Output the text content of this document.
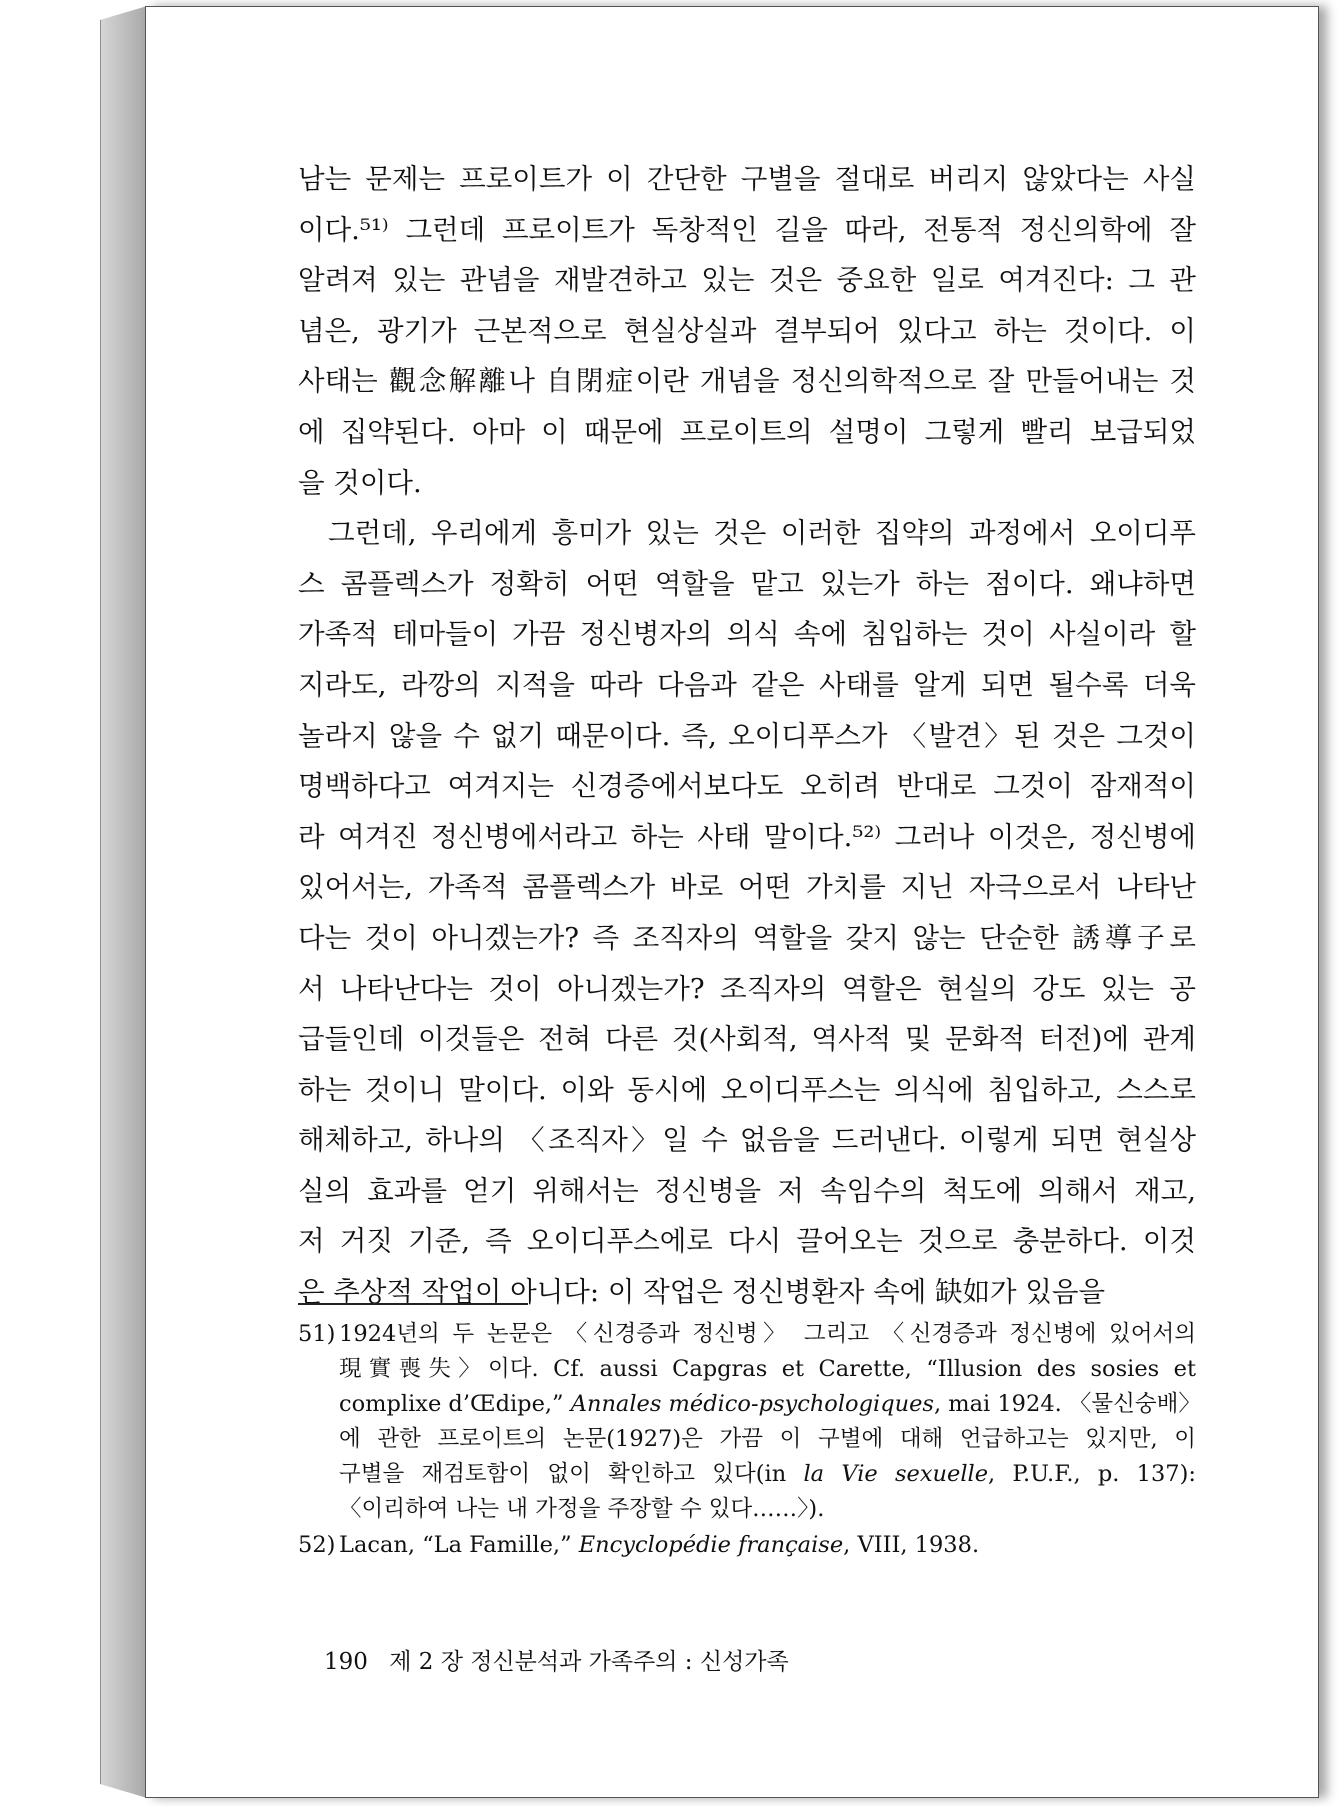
남는 문제는 프로이트가 이 간단한 구별을 절대로 버리지 않았다는 사실
이다.⁵¹⁾ 그런데 프로이트가 독창적인 길을 따라, 전통적 정신의학에 잘
알려져 있는 관념을 재발견하고 있는 것은 중요한 일로 여겨진다: 그 관
념은, 광기가 근본적으로 현실상실과 결부되어 있다고 하는 것이다. 이
사태는 觀念解離나 自閉症이란 개념을 정신의학적으로 잘 만들어내는 것
에 집약된다. 아마 이 때문에 프로이트의 설명이 그렇게 빨리 보급되었
을 것이다.
그런데, 우리에게 흥미가 있는 것은 이러한 집약의 과정에서 오이디푸
스 콤플렉스가 정확히 어떤 역할을 맡고 있는가 하는 점이다. 왜냐하면
가족적 테마들이 가끔 정신병자의 의식 속에 침입하는 것이 사실이라 할
지라도, 라깡의 지적을 따라 다음과 같은 사태를 알게 되면 될수록 더욱
놀라지 않을 수 없기 때문이다. 즉, 오이디푸스가 〈발견〉된 것은 그것이
명백하다고 여겨지는 신경증에서보다도 오히려 반대로 그것이 잠재적이
라 여겨진 정신병에서라고 하는 사태 말이다.⁵²⁾ 그러나 이것은, 정신병에
있어서는, 가족적 콤플렉스가 바로 어떤 가치를 지닌 자극으로서 나타난
다는 것이 아니겠는가? 즉 조직자의 역할을 갖지 않는 단순한 誘導子로
서 나타난다는 것이 아니겠는가? 조직자의 역할은 현실의 강도 있는 공
급들인데 이것들은 전혀 다른 것(사회적, 역사적 및 문화적 터전)에 관계
하는 것이니 말이다. 이와 동시에 오이디푸스는 의식에 침입하고, 스스로
해체하고, 하나의 〈조직자〉일 수 없음을 드러낸다. 이렇게 되면 현실상
실의 효과를 얻기 위해서는 정신병을 저 속임수의 척도에 의해서 재고,
저 거짓 기준, 즉 오이디푸스에로 다시 끌어오는 것으로 충분하다. 이것
은 추상적 작업이 아니다: 이 작업은 정신병환자 속에 缺如가 있음을
51) 1924년의 두 논문은 〈신경증과 정신병〉 그리고 〈신경증과 정신병에 있어서의
現實喪失〉이다. Cf. aussi Capgras et Carette, “Illusion des sosies et
complixe d’Œdipe,” Annales médico-psychologiques, mai 1924. 〈물신숭배〉
에 관한 프로이트의 논문(1927)은 가끔 이 구별에 대해 언급하고는 있지만, 이
구별을 재검토함이 없이 확인하고 있다(in la Vie sexuelle, P.U.F., p. 137):
〈이리하여 나는 내 가정을 주장할 수 있다……〉).
52) Lacan, “La Famille,” Encyclopédie française, VIII, 1938.
190 제 2 장 정신분석과 가족주의 : 신성가족
